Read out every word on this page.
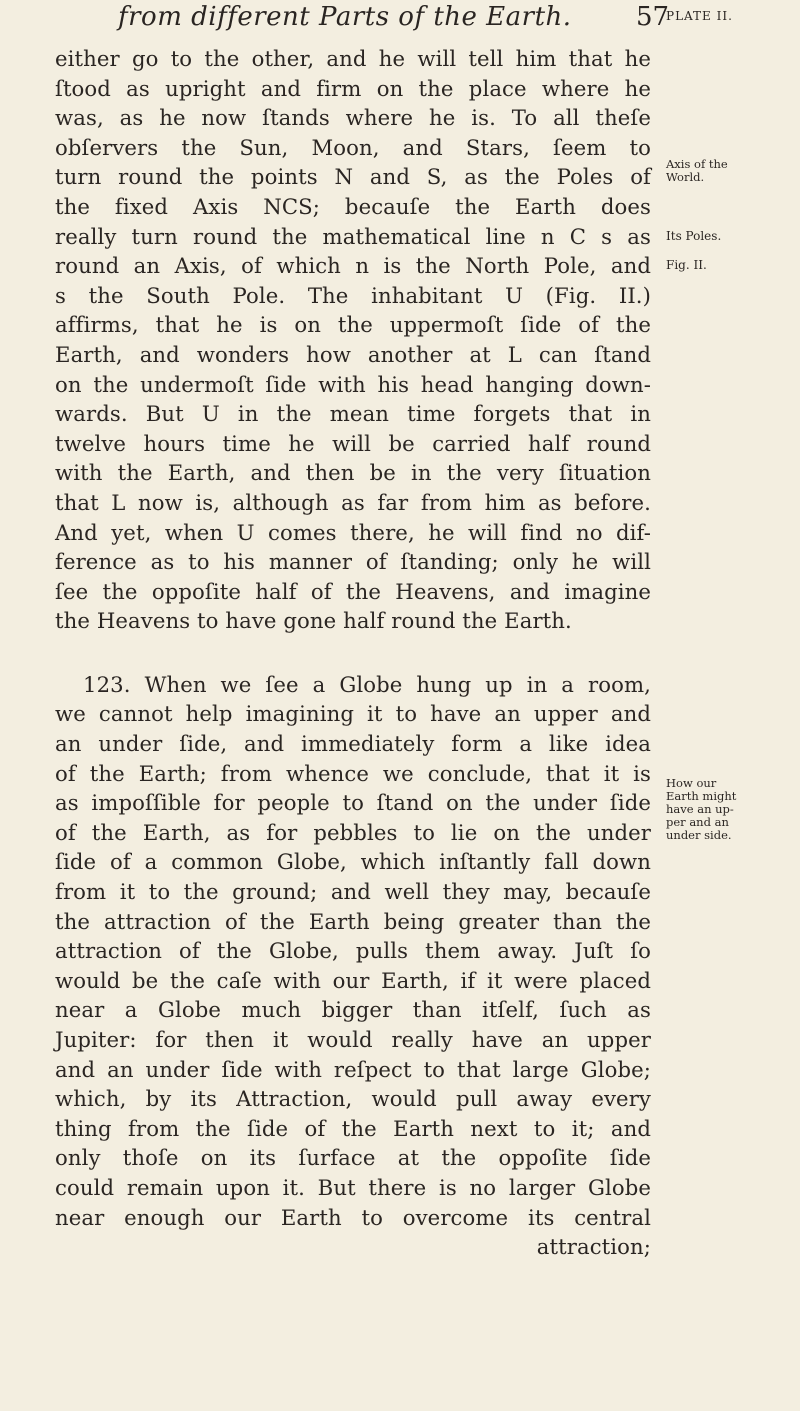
from different Parts of the Earth. 57
either go to the other, and he will tell him that he
ſtood as upright and firm on the place where he
was, as he now ſtands where he is. To all theſe
obſervers the Sun, Moon, and Stars, ſeem to
turn round the points N and S, as the Poles of
the fixed Axis NCS; becauſe the Earth does
really turn round the mathematical line n C s as
round an Axis, of which n is the North Pole, and
s the South Pole. The inhabitant U (Fig. II.)
affirms, that he is on the uppermoſt ſide of the
Earth, and wonders how another at L can ſtand
on the undermoſt ſide with his head hanging down-
wards. But U in the mean time forgets that in
twelve hours time he will be carried half round
with the Earth, and then be in the very ſituation
that L now is, although as far from him as before.
And yet, when U comes there, he will find no dif-
ference as to his manner of ſtanding; only he will
ſee the oppoſite half of the Heavens, and imagine
the Heavens to have gone half round the Earth.
123. When we ſee a Globe hung up in a room,
we cannot help imagining it to have an upper and
an under ſide, and immediately form a like idea
of the Earth; from whence we conclude, that it is
as impoſſible for people to ſtand on the under ſide
of the Earth, as for pebbles to lie on the under
ſide of a common Globe, which inſtantly fall down
from it to the ground; and well they may, becauſe
the attraction of the Earth being greater than the
attraction of the Globe, pulls them away. Juſt ſo
would be the caſe with our Earth, if it were placed
near a Globe much bigger than itſelf, ſuch as
Jupiter: for then it would really have an upper
and an under ſide with reſpect to that large Globe;
which, by its Attraction, would pull away every
thing from the ſide of the Earth next to it; and
only thoſe on its ſurface at the oppoſite ſide
could remain upon it. But there is no larger Globe
near enough our Earth to overcome its central
attraction;
PLATE II.
Axis of the
World.
Its Poles.
Fig. II.
How our
Earth might
have an up-
per and an
under side.
